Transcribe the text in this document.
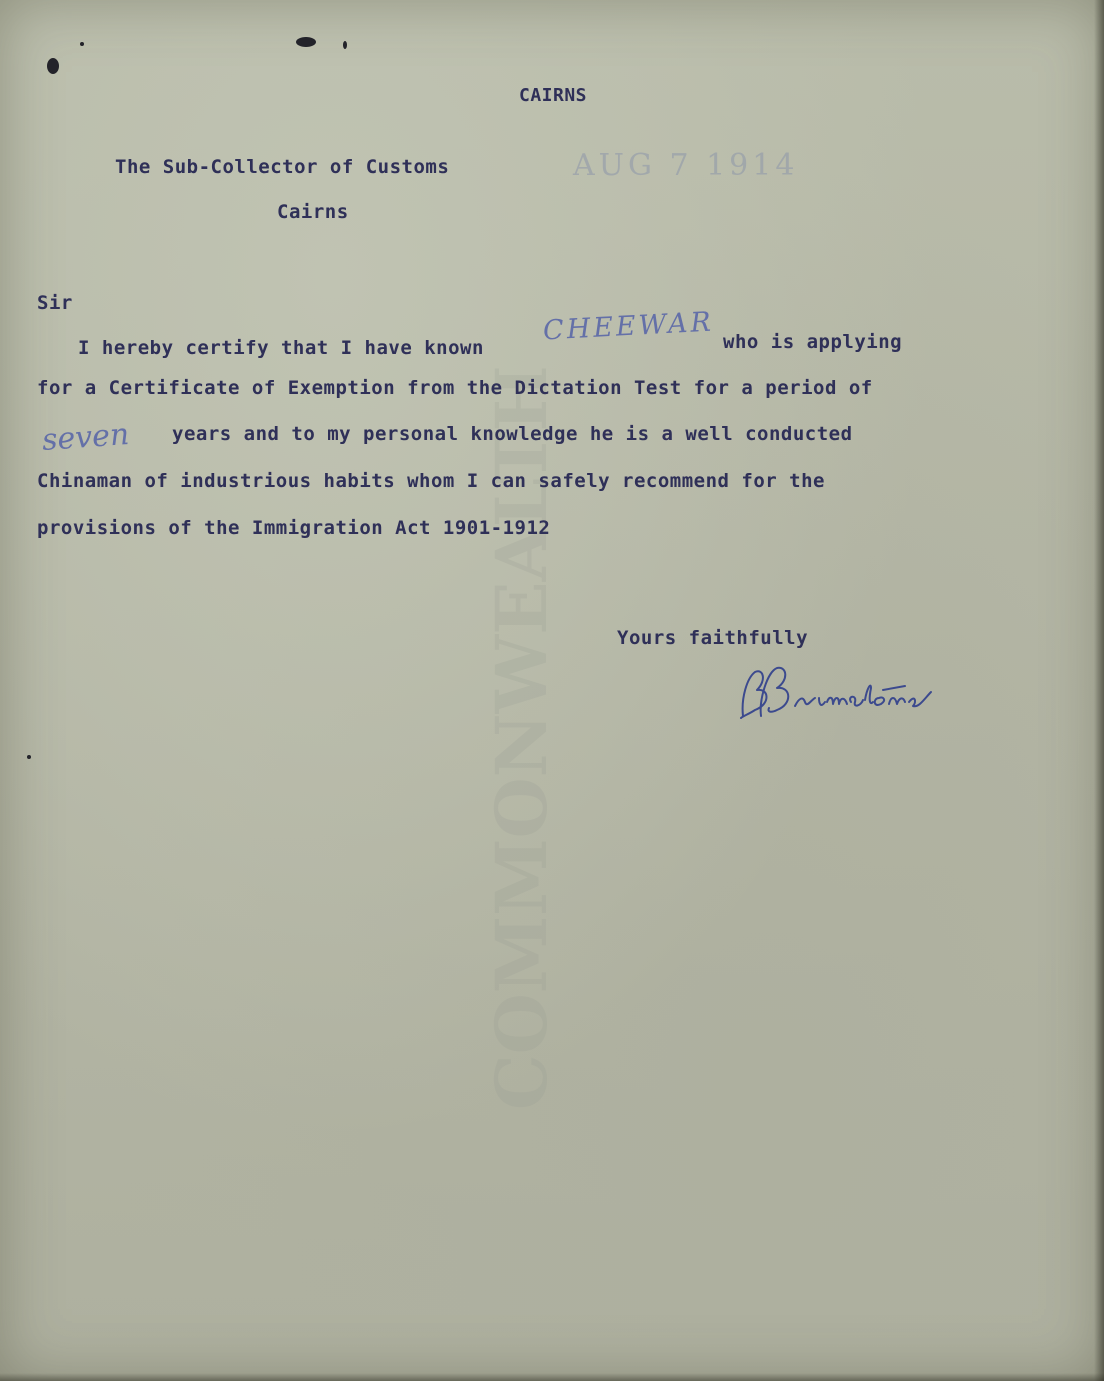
COMMONWEALTH
CAIRNS
AUG 7 1914
The Sub-Collector of Customs
Cairns
Sir
I hereby certify that I have known
CHEEWAR who is applying
for a Certificate of Exemption from the Dictation Test for a period of
seven years and to my personal knowledge he is a well conducted
Chinaman of industrious habits whom I can safely recommend for the
provisions of the Immigration Act 1901-1912
Yours faithfully
